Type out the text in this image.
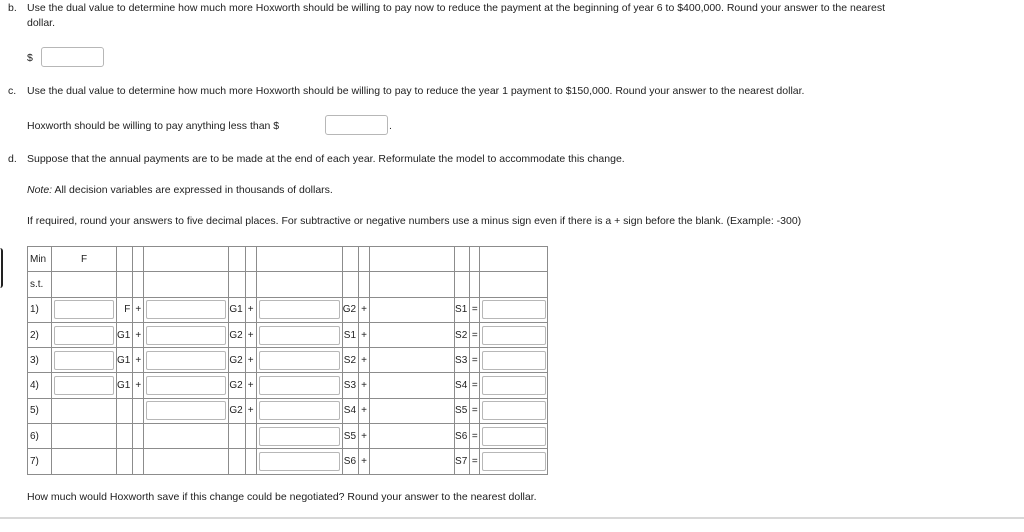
b. Use the dual value to determine how much more Hoxworth should be willing to pay now to reduce the payment at the beginning of year 6 to $400,000. Round your answer to the nearest
dollar.
$
c. Use the dual value to determine how much more Hoxworth should be willing to pay to reduce the year 1 payment to $150,000. Round your answer to the nearest dollar.
Hoxworth should be willing to pay anything less than $	.
d. Suppose that the annual payments are to be made at the end of each year. Reformulate the model to accommodate this change.
Note: All decision variables are expressed in thousands of dollars.
If required, round your answers to five decimal places. For subtractive or negative numbers use a minus sign even if there is a + sign before the blank. (Example: -300)
Min	F												
s.t.													
1)		F	+		G1	+		G2	+		S1	=	

2)		G1	+		G2	+		S1	+		S2	=	

3)		G1	+		G2	+		S2	+		S3	=	

4)		G1	+		G2	+		S3	+		S4	=	

5)					G2	+		S4	+		S5	=	

6)								S5	+		S6	=	

7)								S6	+		S7	=	
How much would Hoxworth save if this change could be negotiated? Round your answer to the nearest dollar.
